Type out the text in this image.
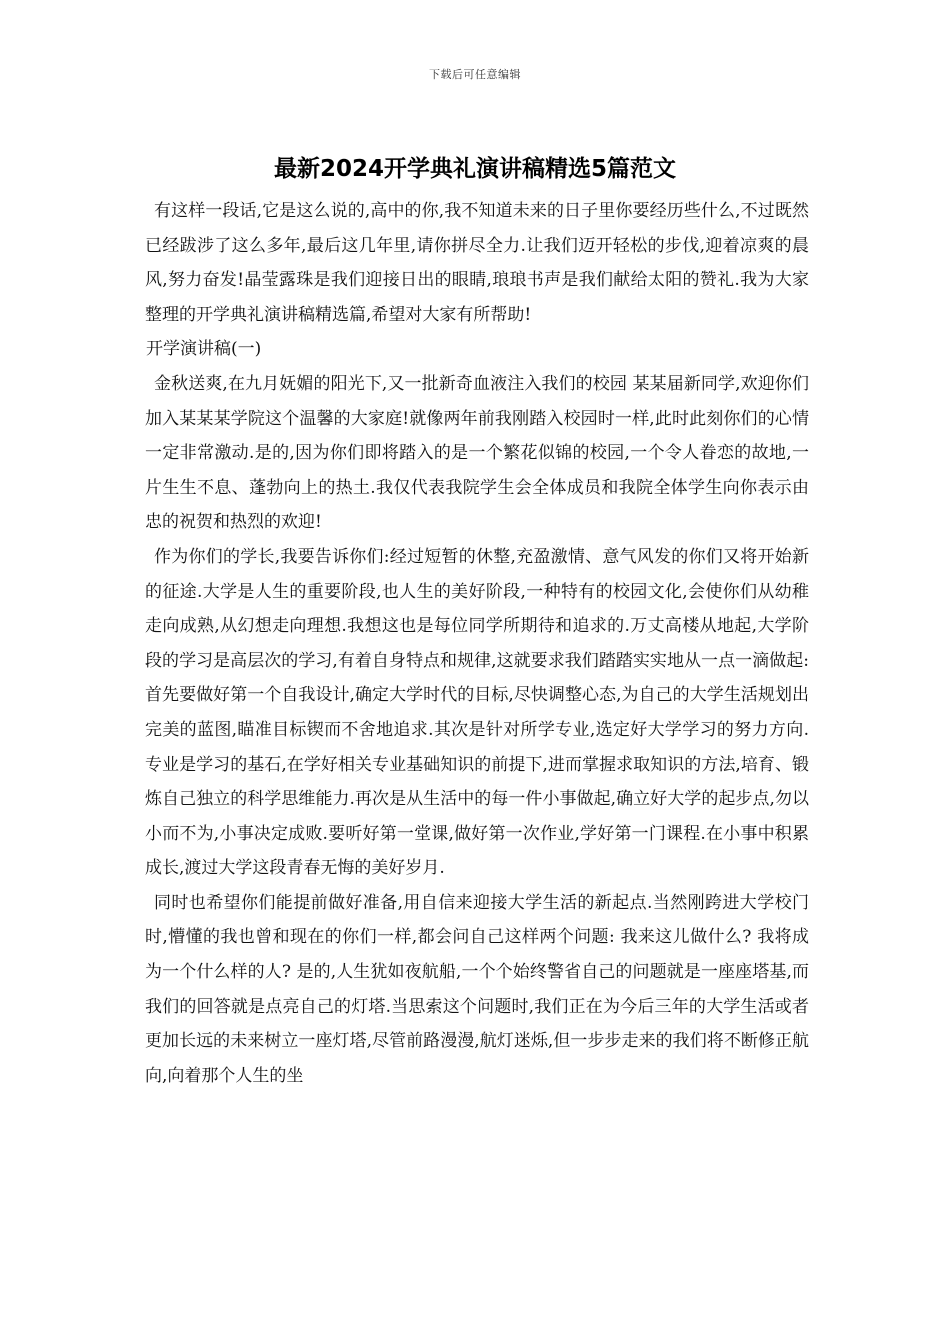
下载后可任意编辑
最新2024开学典礼演讲稿精选5篇范文

有这样一段话,它是这么说的,高中的你,我不知道未来的日子里你要经历些什么,不过既然已经跋涉了这么多年,最后这几年里,请你拼尽全力.让我们迈开轻松的步伐,迎着凉爽的晨风,努力奋发!晶莹露珠是我们迎接日出的眼睛,琅琅书声是我们献给太阳的赞礼.我为大家整理的开学典礼演讲稿精选篇,希望对大家有所帮助!

开学演讲稿(一)

金秋送爽,在九月妩媚的阳光下,又一批新奇血液注入我们的校园 某某届新同学,欢迎你们加入某某某学院这个温馨的大家庭!就像两年前我刚踏入校园时一样,此时此刻你们的心情一定非常激动.是的,因为你们即将踏入的是一个繁花似锦的校园,一个令人眷恋的故地,一片生生不息、蓬勃向上的热土.我仅代表我院学生会全体成员和我院全体学生向你表示由忠的祝贺和热烈的欢迎!

作为你们的学长,我要告诉你们:经过短暂的休整,充盈激情、意气风发的你们又将开始新的征途.大学是人生的重要阶段,也人生的美好阶段,一种特有的校园文化,会使你们从幼稚走向成熟,从幻想走向理想.我想这也是每位同学所期待和追求的.万丈高楼从地起,大学阶段的学习是高层次的学习,有着自身特点和规律,这就要求我们踏踏实实地从一点一滴做起:首先要做好第一个自我设计,确定大学时代的目标,尽快调整心态,为自己的大学生活规划出完美的蓝图,瞄准目标锲而不舍地追求.其次是针对所学专业,选定好大学学习的努力方向.专业是学习的基石,在学好相关专业基础知识的前提下,进而掌握求取知识的方法,培育、锻炼自己独立的科学思维能力.再次是从生活中的每一件小事做起,确立好大学的起步点,勿以小而不为,小事决定成败.要听好第一堂课,做好第一次作业,学好第一门课程.在小事中积累成长,渡过大学这段青春无悔的美好岁月.

同时也希望你们能提前做好准备,用自信来迎接大学生活的新起点.当然刚跨进大学校门时,懵懂的我也曾和现在的你们一样,都会问自己这样两个问题: 我来这儿做什么? 我将成为一个什么样的人? 是的,人生犹如夜航船,一个个始终警省自己的问题就是一座座塔基,而我们的回答就是点亮自己的灯塔.当思索这个问题时,我们正在为今后三年的大学生活或者更加长远的未来树立一座灯塔,尽管前路漫漫,航灯迷烁,但一步步走来的我们将不断修正航向,向着那个人生的坐
